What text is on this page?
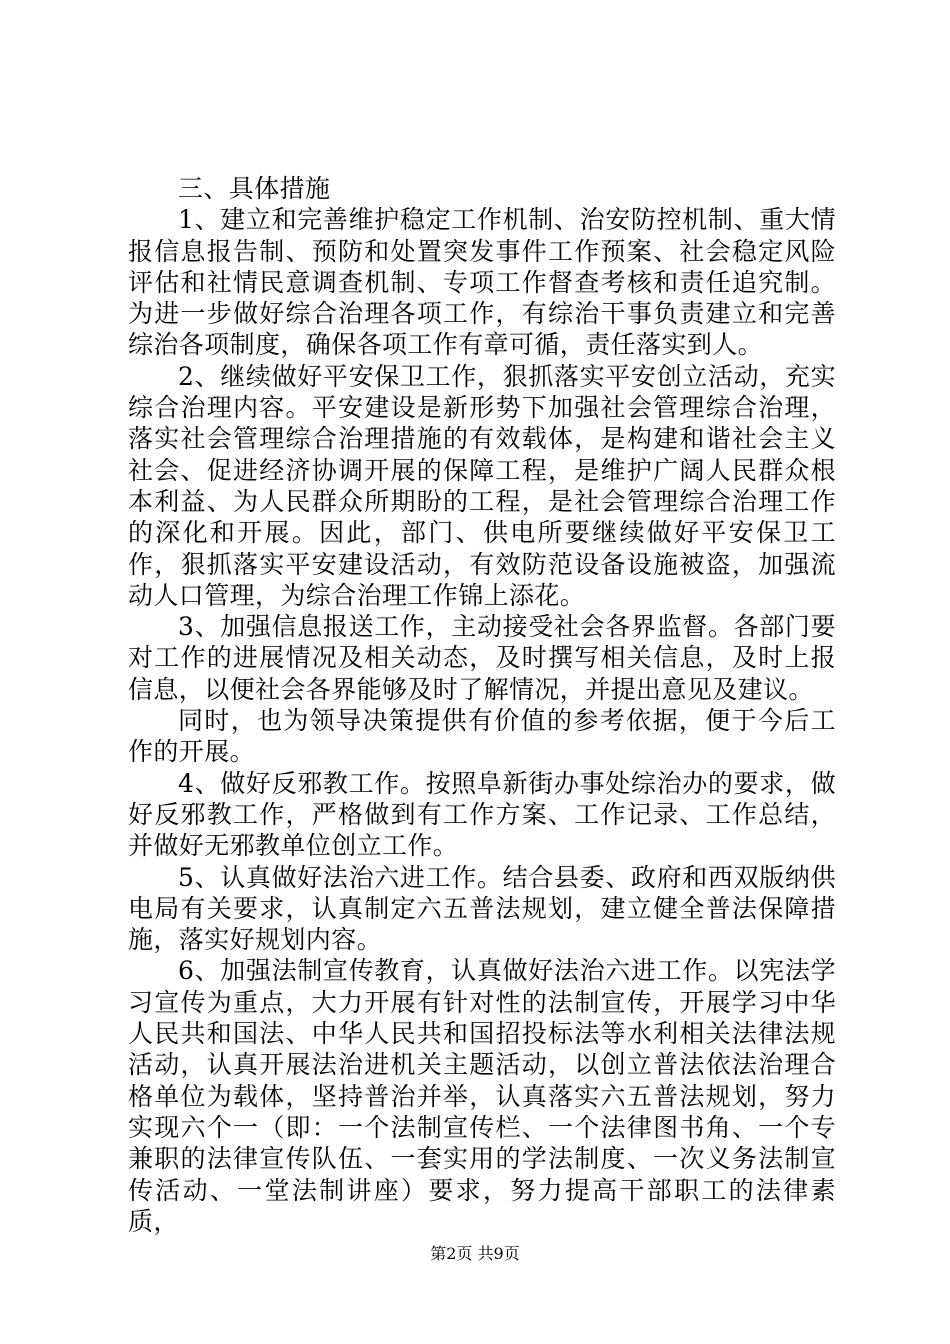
三、具体措施

1、建立和完善维护稳定工作机制、治安防控机制、重大情报信息报告制、预防和处置突发事件工作预案、社会稳定风险评估和社情民意调查机制、专项工作督查考核和责任追究制。为进一步做好综合治理各项工作，有综治干事负责建立和完善综治各项制度，确保各项工作有章可循，责任落实到人。

2、继续做好平安保卫工作，狠抓落实平安创立活动，充实综合治理内容。平安建设是新形势下加强社会管理综合治理，落实社会管理综合治理措施的有效载体，是构建和谐社会主义社会、促进经济协调开展的保障工程，是维护广阔人民群众根本利益、为人民群众所期盼的工程，是社会管理综合治理工作的深化和开展。因此，部门、供电所要继续做好平安保卫工作，狠抓落实平安建设活动，有效防范设备设施被盗，加强流动人口管理，为综合治理工作锦上添花。

3、加强信息报送工作，主动接受社会各界监督。各部门要对工作的进展情况及相关动态，及时撰写相关信息，及时上报信息，以便社会各界能够及时了解情况，并提出意见及建议。

同时，也为领导决策提供有价值的参考依据，便于今后工作的开展。

4、做好反邪教工作。按照阜新街办事处综治办的要求，做好反邪教工作，严格做到有工作方案、工作记录、工作总结，并做好无邪教单位创立工作。

5、认真做好法治六进工作。结合县委、政府和西双版纳供电局有关要求，认真制定六五普法规划，建立健全普法保障措施，落实好规划内容。

6、加强法制宣传教育，认真做好法治六进工作。以宪法学习宣传为重点，大力开展有针对性的法制宣传，开展学习中华人民共和国法、中华人民共和国招投标法等水利相关法律法规活动，认真开展法治进机关主题活动，以创立普法依法治理合格单位为载体，坚持普治并举，认真落实六五普法规划，努力实现六个一（即：一个法制宣传栏、一个法律图书角、一个专兼职的法律宣传队伍、一套实用的学法制度、一次义务法制宣传活动、一堂法制讲座）要求，努力提高干部职工的法律素质，

第2页 共9页
